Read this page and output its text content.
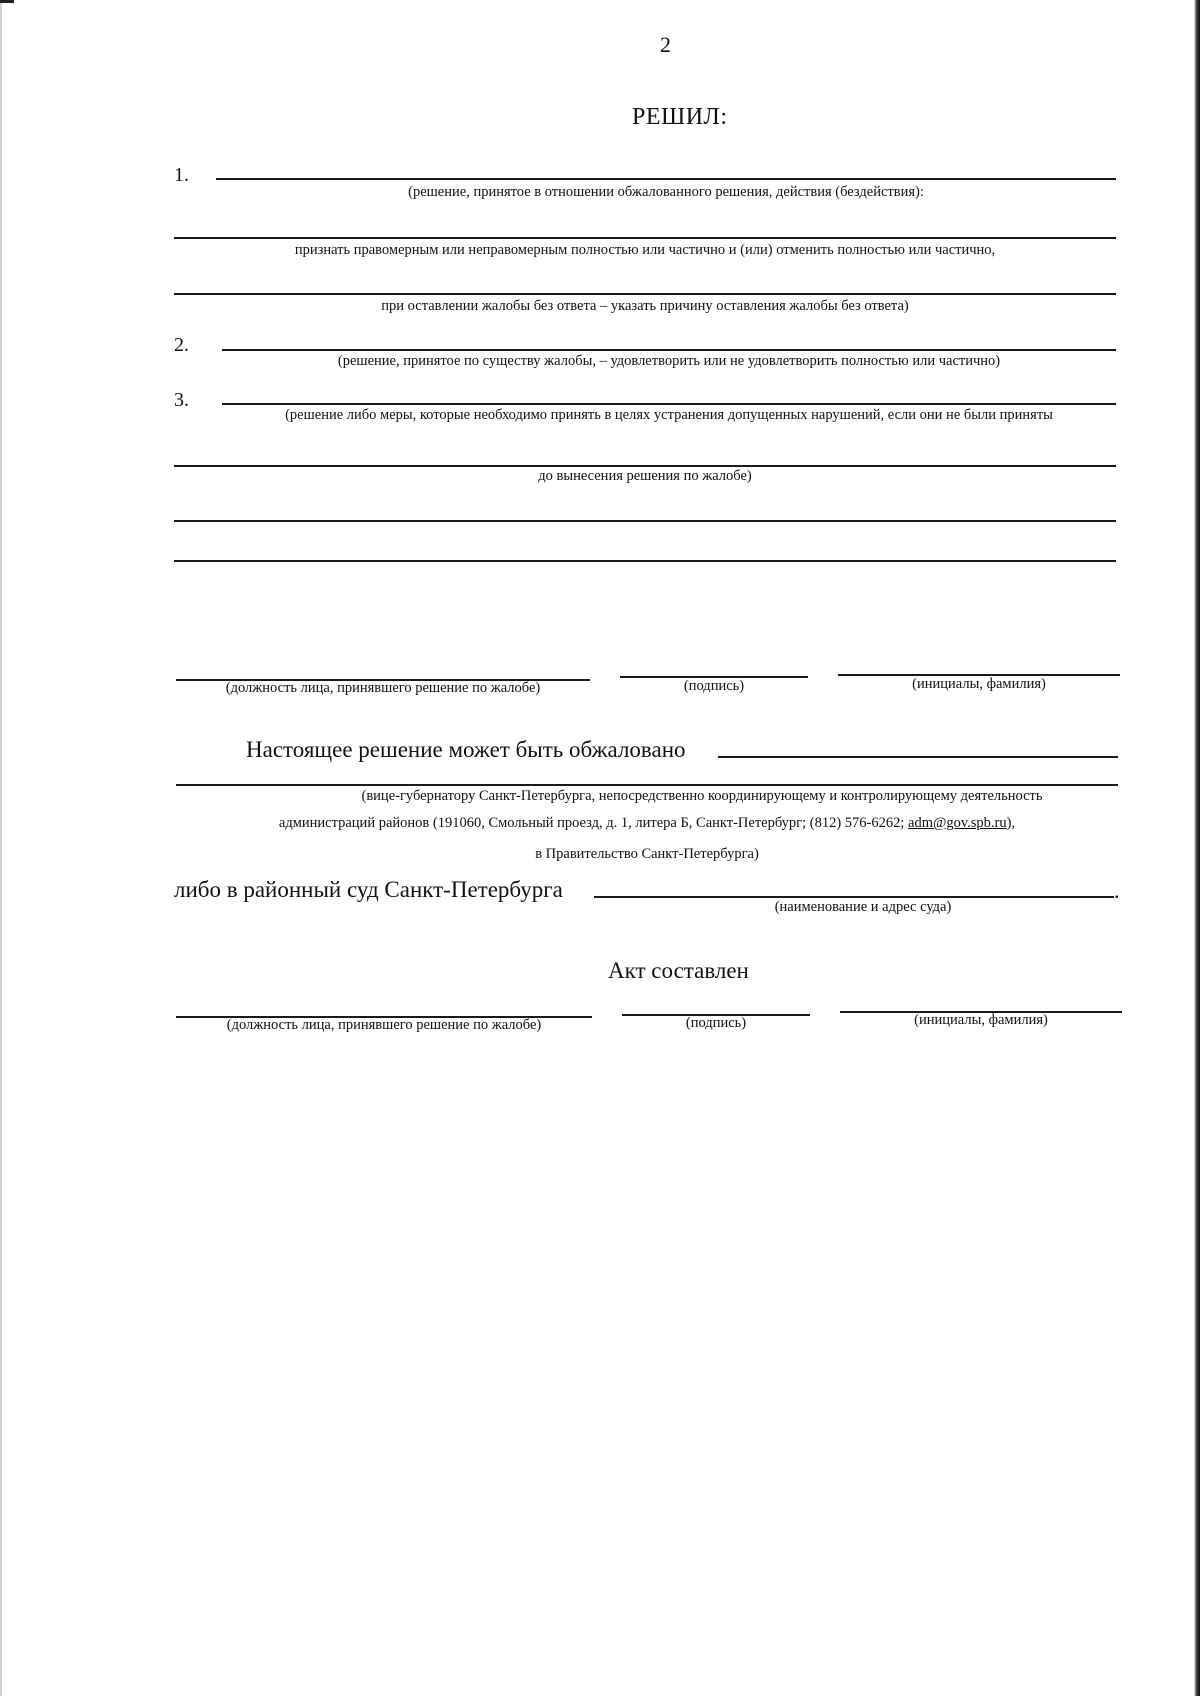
2
РЕШИЛ:
1.
(решение, принятое в отношении обжалованного решения, действия (бездействия):
признать правомерным или неправомерным полностью или частично и (или) отменить полностью или частично,
при оставлении жалобы без ответа – указать причину оставления жалобы без ответа)
2.
(решение, принятое по существу жалобы, – удовлетворить или не удовлетворить полностью или частично)
3.
(решение либо меры, которые необходимо принять в целях устранения допущенных нарушений, если они не были приняты
до вынесения решения по жалобе)
(должность лица, принявшего решение по жалобе)	(подпись)	(инициалы, фамилия)
Настоящее решение может быть обжаловано
(вице-губернатору Санкт-Петербурга, непосредственно координирующему и контролирующему деятельность
администраций районов (191060, Смольный проезд, д. 1, литера Б, Санкт-Петербург; (812) 576-6262; adm@gov.spb.ru),
в Правительство Санкт-Петербурга)
либо в районный суд Санкт-Петербурга	.
(наименование и адрес суда)
Акт составлен
(должность лица, принявшего решение по жалобе)	(подпись)	(инициалы, фамилия)
